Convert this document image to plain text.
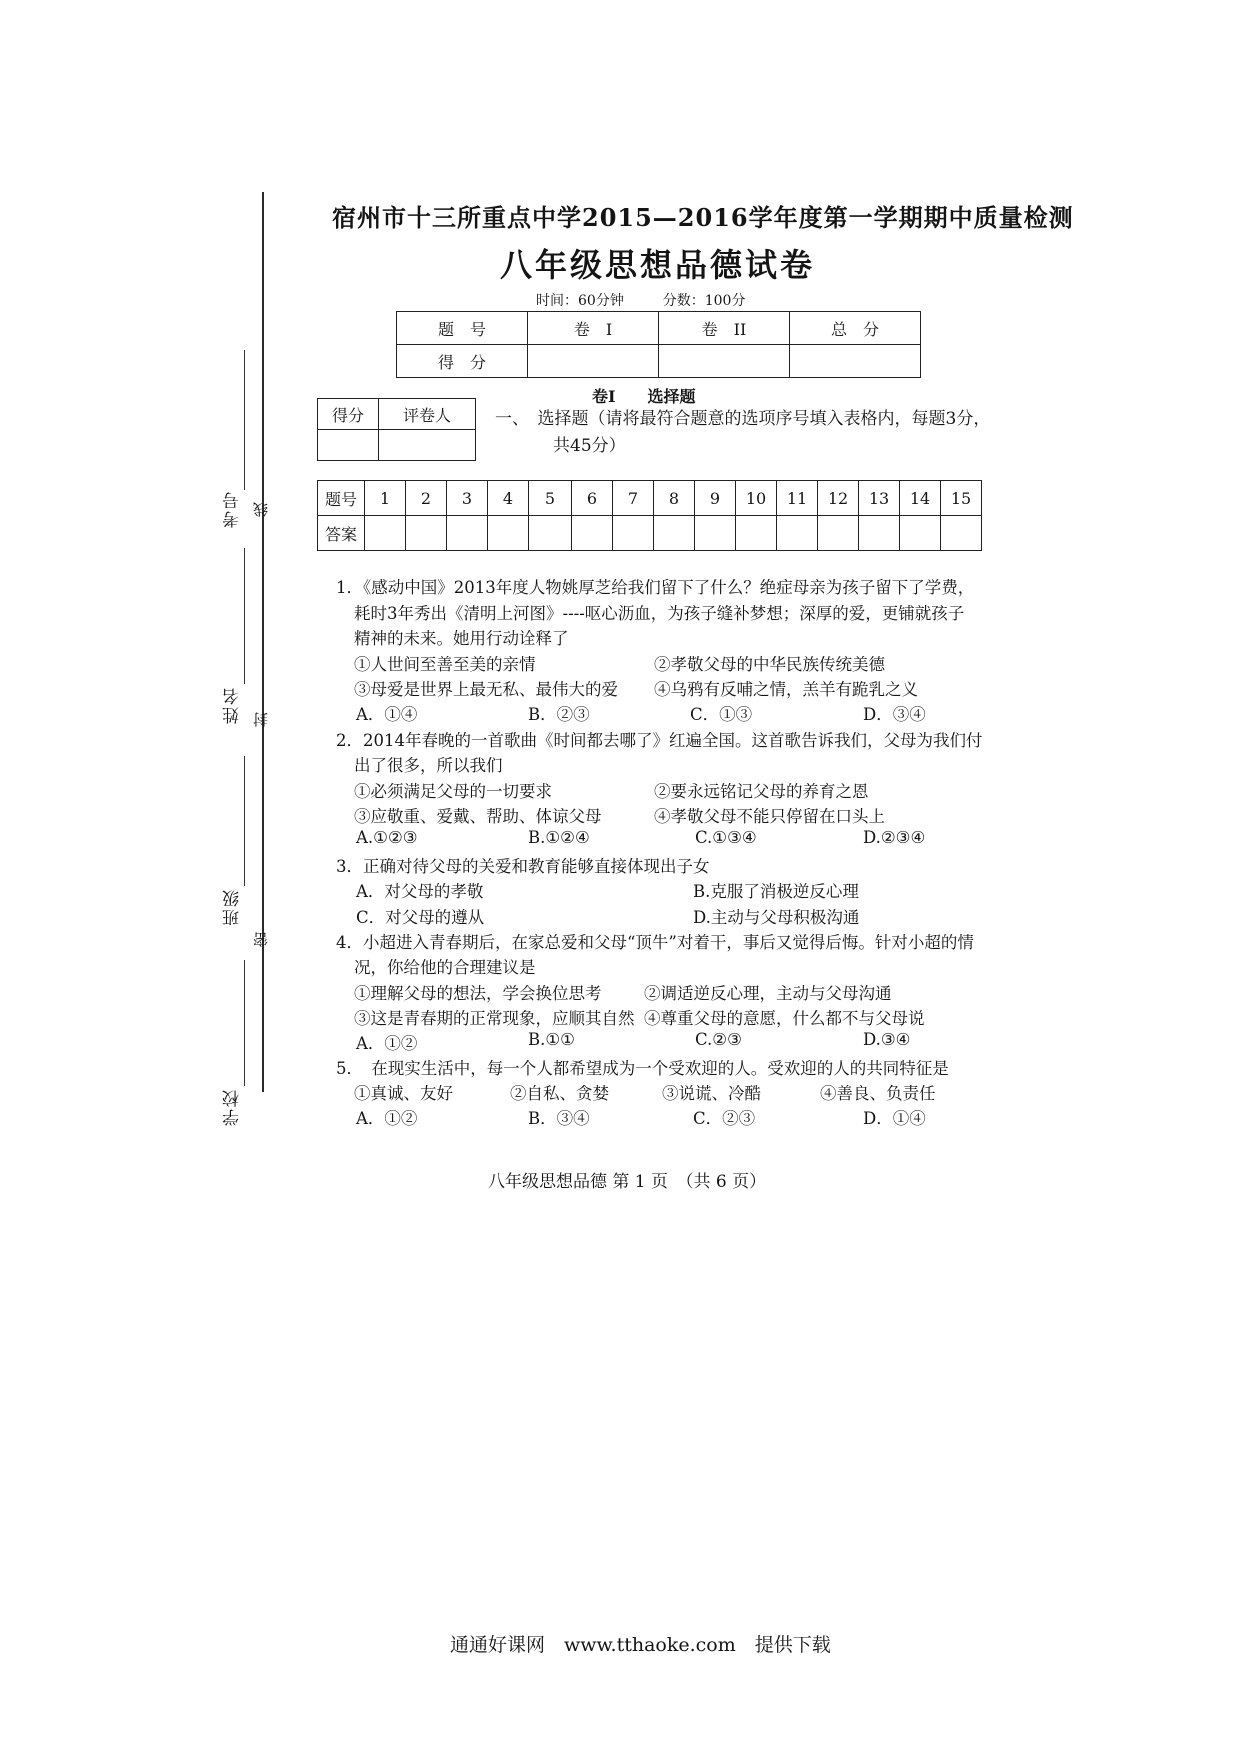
考号 线
姓名 封
班级
密
学校
宿州市十三所重点中学2015—2016学年度第一学期期中质量检测
八年级思想品德试卷
时间：60分钟	分数：100分
题　号	卷　I	卷　II	总　分
得　分			
卷I　　选择题
得分	评卷人
		一、　选择题（请将最符合题意的选项序号填入表格内，每题3分，
共45分）
题号	1	2	3	4	5	6	7	8	9	10	11	12	13	14	15
答案															
1．《感动中国》2013年度人物姚厚芝给我们留下了什么？绝症母亲为孩子留下了学费，
耗时3年秀出《清明上河图》----呕心沥血，为孩子缝补梦想；深厚的爱，更铺就孩子
精神的未来。她用行动诠释了
①人世间至善至美的亲情	②孝敬父母的中华民族传统美德
③母爱是世界上最无私、最伟大的爱 ④乌鸦有反哺之情，羔羊有跪乳之义
A．①④	B．②③	C．①③	D．③④
2．2014年春晚的一首歌曲《时间都去哪了》红遍全国。这首歌告诉我们，父母为我们付
出了很多，所以我们
①必须满足父母的一切要求	②要永远铭记父母的养育之恩
③应敬重、爱戴、帮助、体谅父母	④孝敬父母不能只停留在口头上
A.①②③	B.①②④	C.①③④	D.②③④
3．正确对待父母的关爱和教育能够直接体现出子女
A．对父母的孝敬	B.克服了消极逆反心理
C．对父母的遵从	D.主动与父母积极沟通
4．小超进入青春期后，在家总爱和父母“顶牛”对着干，事后又觉得后悔。针对小超的情
况，你给他的合理建议是
①理解父母的想法，学会换位思考	②调适逆反心理，主动与父母沟通
③这是青春期的正常现象，应顺其自然 ④尊重父母的意愿，什么都不与父母说
A．①②	B.①①	C.②③	D.③④
5．　在现实生活中，每一个人都希望成为一个受欢迎的人。受欢迎的人的共同特征是
①真诚、友好	②自私、贪婪	③说谎、冷酷	④善良、负责任
A．①②	B．③④	C．②③	D．①④
八年级思想品德 第 1 页　（共 6 页）
通通好课网　www.tthaoke.com　提供下载
